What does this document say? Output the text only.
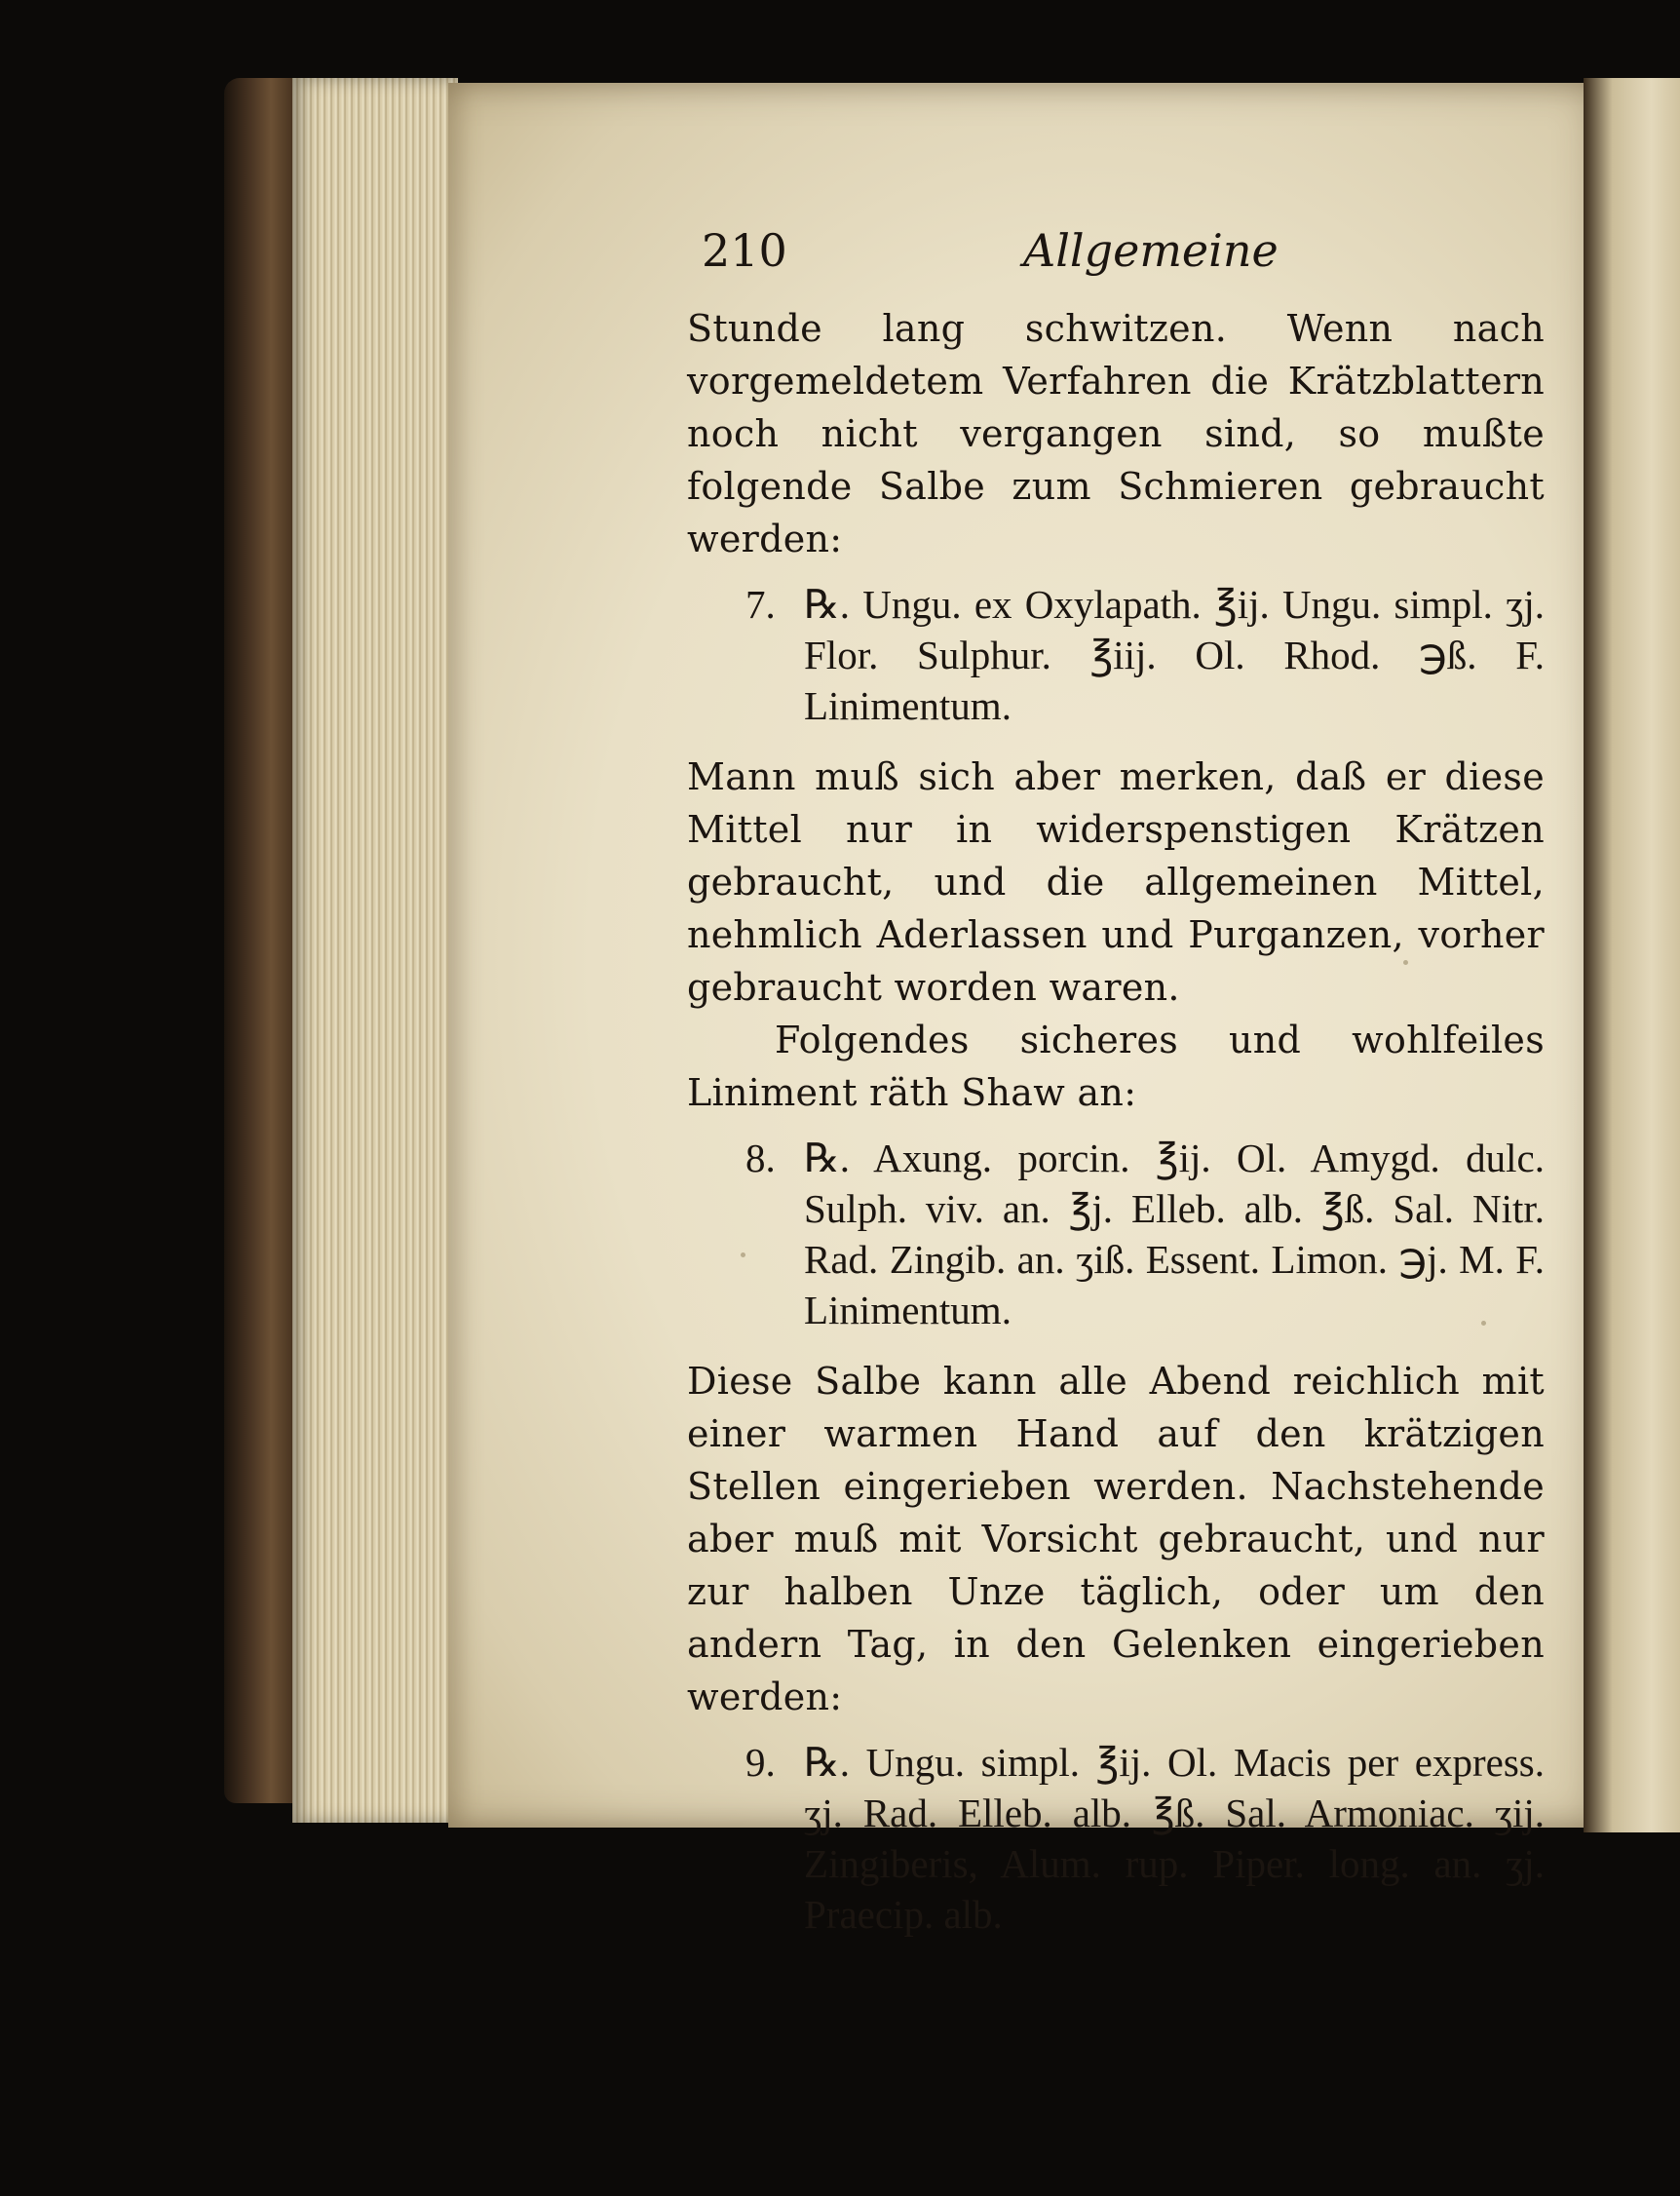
210	Allgemeine

Stunde lang schwitzen. Wenn nach vorgemeldetem Verfahren die Krätzblattern noch nicht vergangen sind, so mußte folgende Salbe zum Schmieren gebraucht werden:

7. ℞. Ungu. ex Oxylapath. ℥ij. Ungu. simpl. ʒj. Flor. Sulphur. ℥iij. Ol. Rhod. ℈ß. F. Linimentum.

Mann muß sich aber merken, daß er diese Mittel nur in widerspenstigen Krätzen gebraucht, und die allgemeinen Mittel, nehmlich Aderlassen und Purganzen, vorher gebraucht worden waren.

Folgendes sicheres und wohlfeiles Liniment räth Shaw an:

8. ℞. Axung. porcin. ℥ij. Ol. Amygd. dulc. Sulph. viv. an. ℥j. Elleb. alb. ℥ß. Sal. Nitr. Rad. Zingib. an. ʒiß. Essent. Limon. ℈j. M. F. Linimentum.

Diese Salbe kann alle Abend reichlich mit einer warmen Hand auf den krätzigen Stellen eingerieben werden. Nachstehende aber muß mit Vorsicht gebraucht, und nur zur halben Unze täglich, oder um den andern Tag, in den Gelenken eingerieben werden:

9. ℞. Ungu. simpl. ℥ij. Ol. Macis per express. ʒj. Rad. Elleb. alb. ℥ß. Sal. Armoniac. ʒij. Zingiberis, Alum. rup. Piper. long. an. ʒj. Praecip. alb.
